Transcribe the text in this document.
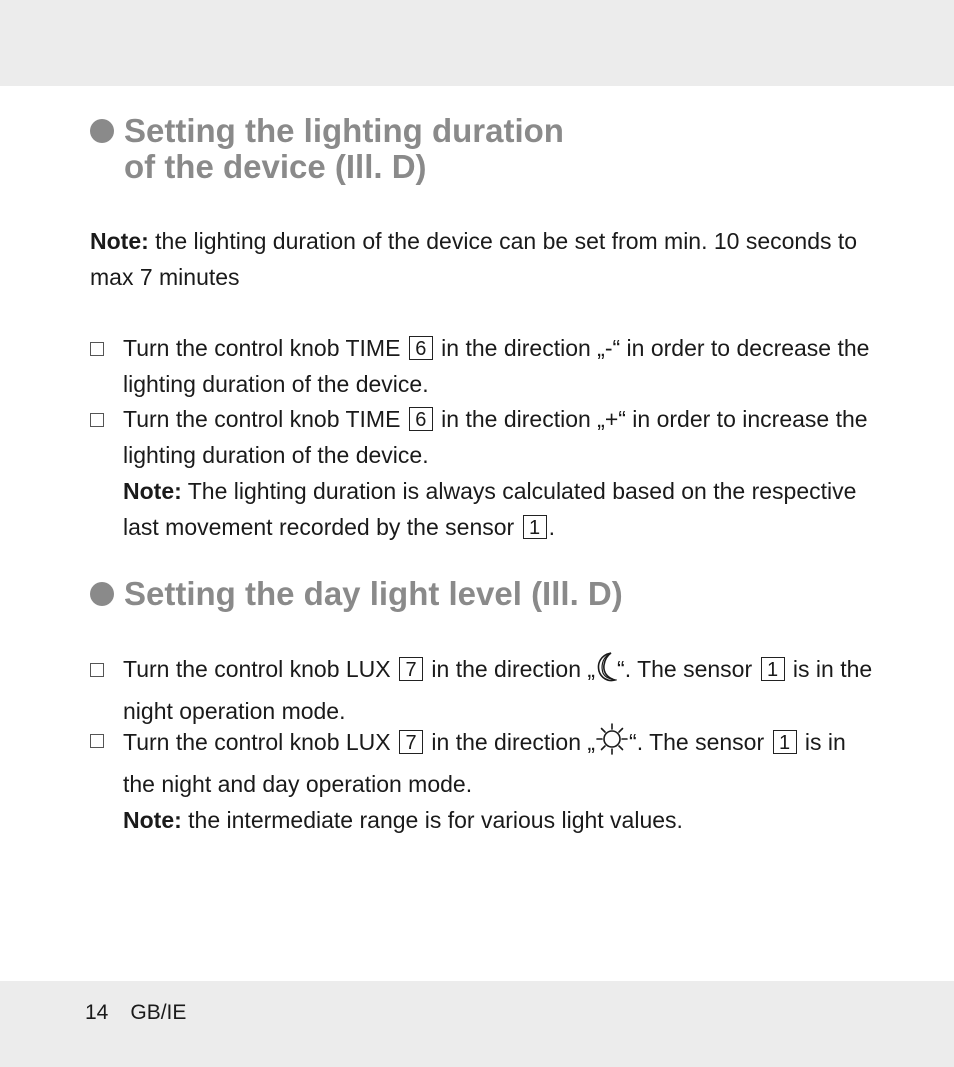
Setting the lighting duration
of the device (Ill. D)

Note: the lighting duration of the device can be set from min. 10 seconds to max 7 minutes

Turn the control knob TIME 6 in the direction „-“ in order to decrease the lighting duration of the device.
Turn the control knob TIME 6 in the direction „+“ in order to increase the lighting duration of the device.
Note: The lighting duration is always calculated based on the respective last movement recorded by the sensor 1 .
Setting the day light level (Ill. D)
Turn the control knob LUX 7 in the direction „ “. The sensor 1 is in the night operation mode.
Turn the control knob LUX 7 in the direction „ “. The sensor 1 is in the night and day operation mode.
Note: the intermediate range is for various light values.
14 GB/IE
